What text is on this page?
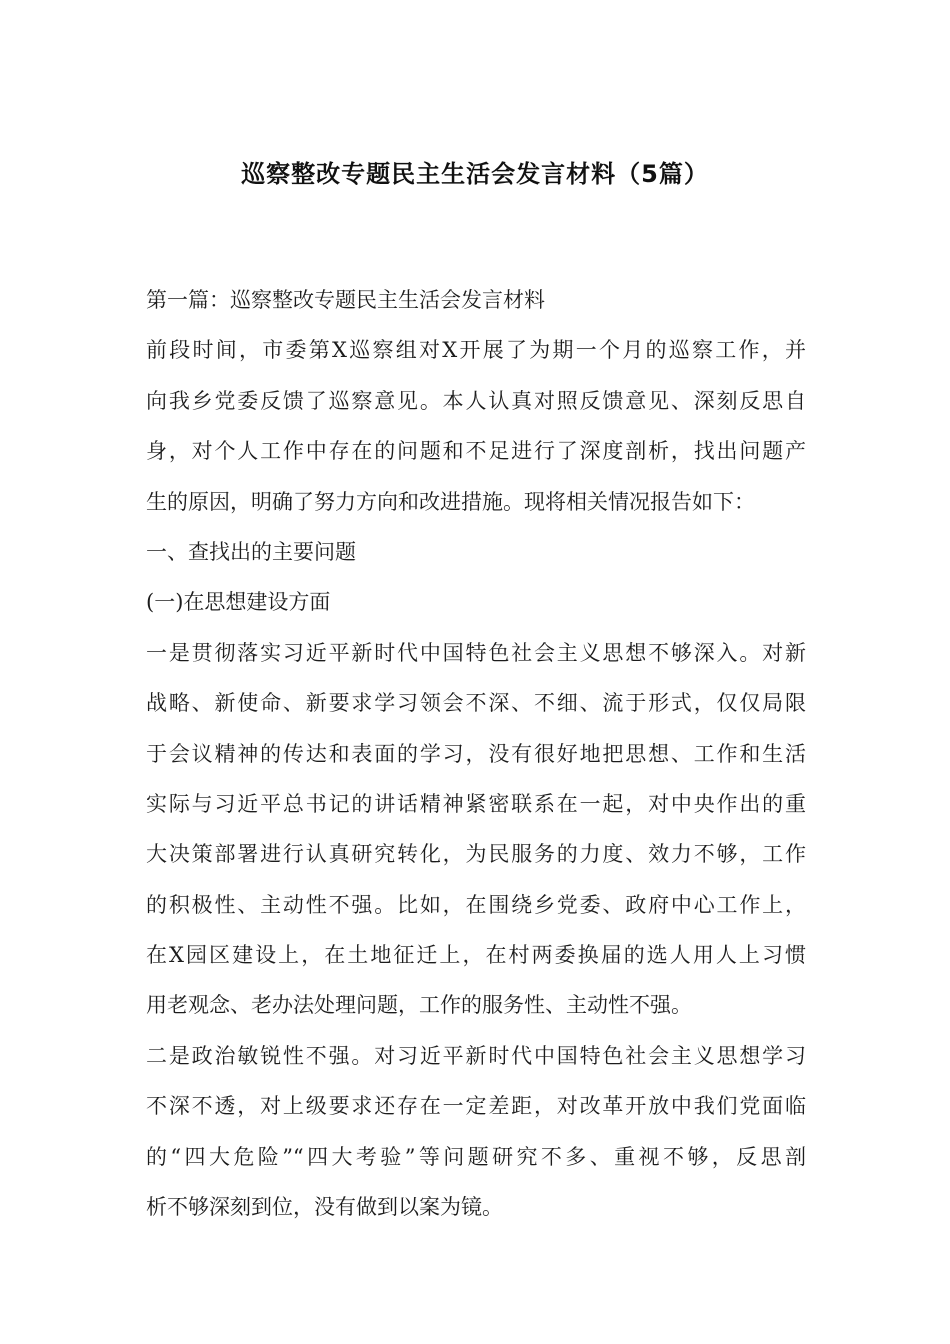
巡察整改专题民主生活会发言材料（5篇）
第一篇：巡察整改专题民主生活会发言材料
前段时间，市委第X巡察组对X开展了为期一个月的巡察工作，并
向我乡党委反馈了巡察意见。本人认真对照反馈意见、深刻反思自
身，对个人工作中存在的问题和不足进行了深度剖析，找出问题产
生的原因，明确了努力方向和改进措施。现将相关情况报告如下：
一、查找出的主要问题
(一)在思想建设方面
一是贯彻落实习近平新时代中国特色社会主义思想不够深入。对新
战略、新使命、新要求学习领会不深、不细、流于形式，仅仅局限
于会议精神的传达和表面的学习，没有很好地把思想、工作和生活
实际与习近平总书记的讲话精神紧密联系在一起，对中央作出的重
大决策部署进行认真研究转化，为民服务的力度、效力不够，工作
的积极性、主动性不强。比如，在围绕乡党委、政府中心工作上，
在X园区建设上，在土地征迁上，在村两委换届的选人用人上习惯
用老观念、老办法处理问题，工作的服务性、主动性不强。
二是政治敏锐性不强。对习近平新时代中国特色社会主义思想学习
不深不透，对上级要求还存在一定差距，对改革开放中我们党面临
的“四大危险”“四大考验”等问题研究不多、重视不够，反思剖
析不够深刻到位，没有做到以案为镜。
